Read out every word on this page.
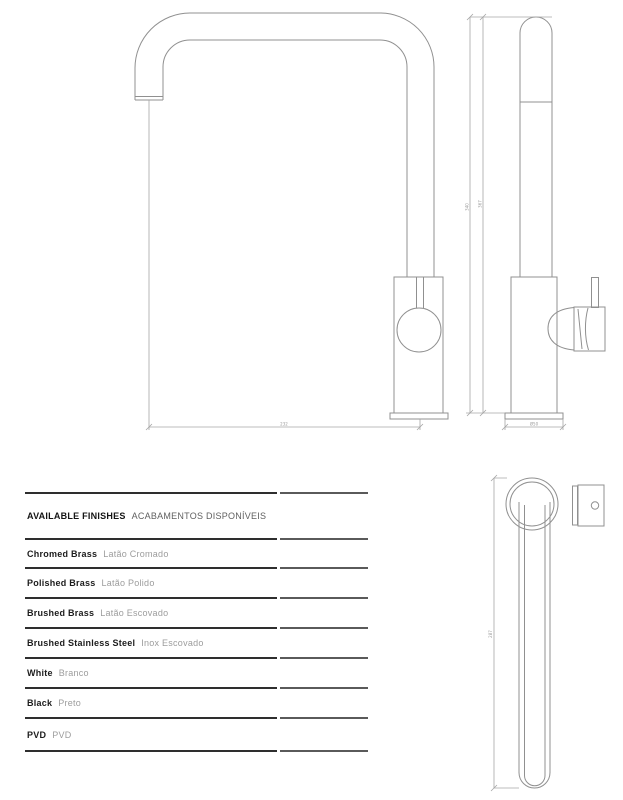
232
340 367
Ø50
287
AVAILABLE FINISHES ACABAMENTOS DISPONÍVEIS
Chromed Brass Latão Cromado
Polished Brass Latão Polido
Brushed Brass Latão Escovado
Brushed Stainless Steel Inox Escovado
White Branco
Black Preto
PVD PVD
